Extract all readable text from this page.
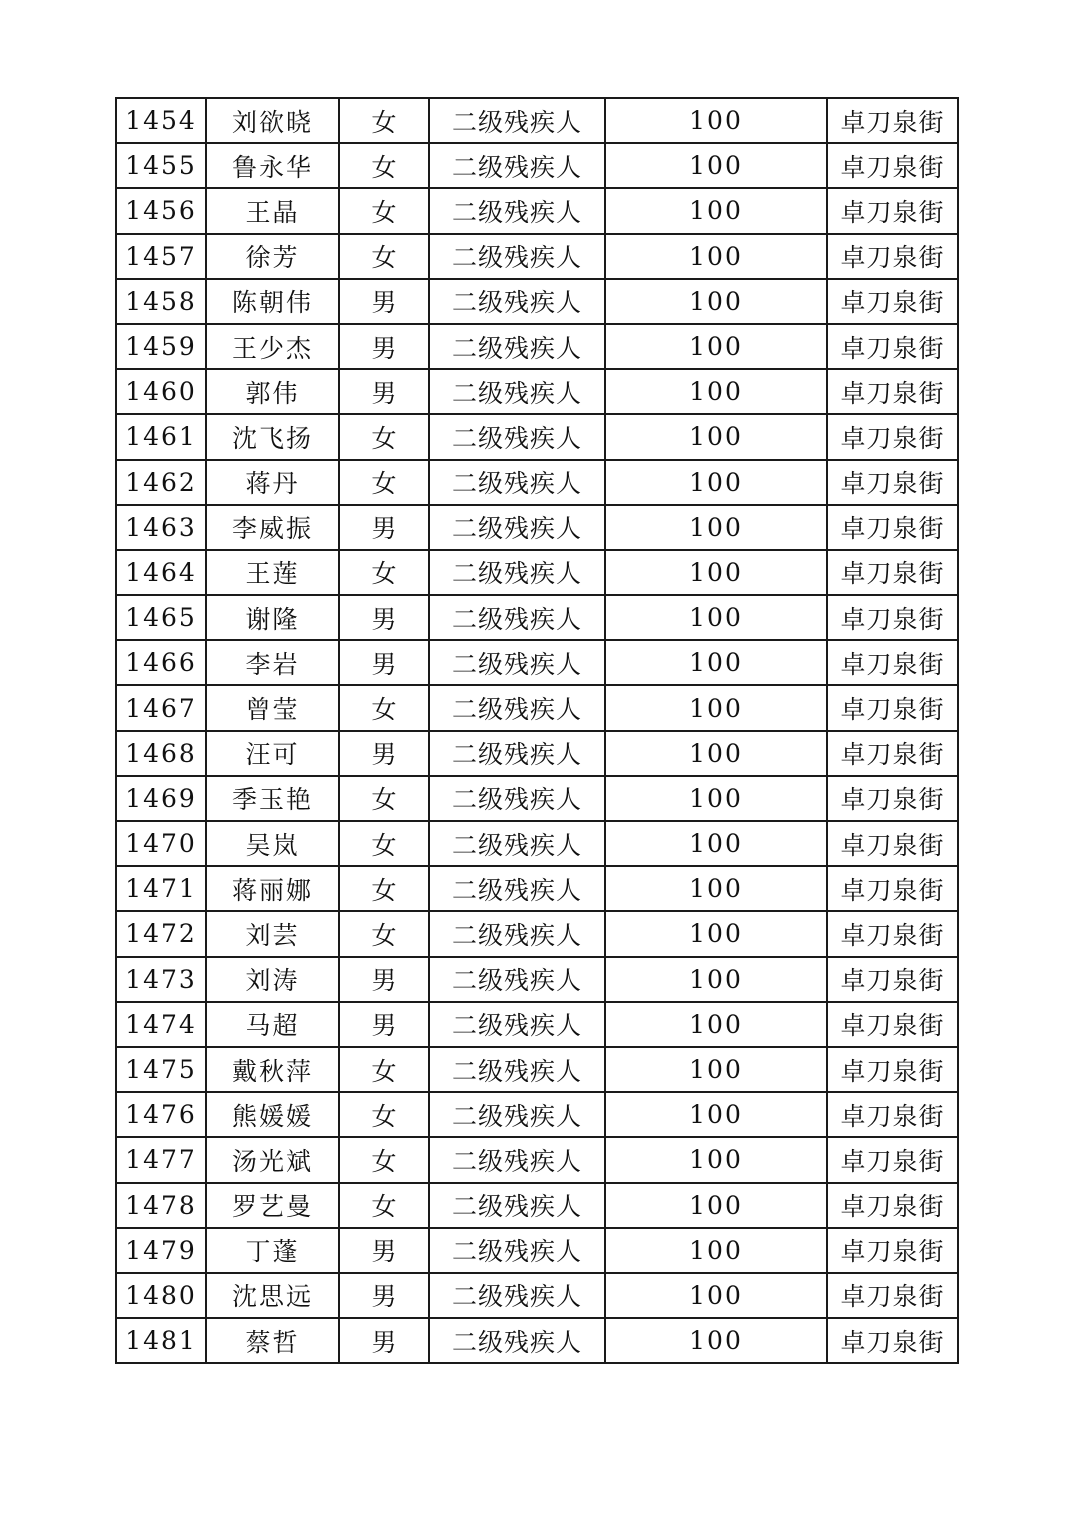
1454	刘欲晓	女	二级残疾人	100	卓刀泉街
1455	鲁永华	女	二级残疾人	100	卓刀泉街
1456	王晶	女	二级残疾人	100	卓刀泉街
1457	徐芳	女	二级残疾人	100	卓刀泉街
1458	陈朝伟	男	二级残疾人	100	卓刀泉街
1459	王少杰	男	二级残疾人	100	卓刀泉街
1460	郭伟	男	二级残疾人	100	卓刀泉街
1461	沈飞扬	女	二级残疾人	100	卓刀泉街
1462	蒋丹	女	二级残疾人	100	卓刀泉街
1463	李威振	男	二级残疾人	100	卓刀泉街
1464	王莲	女	二级残疾人	100	卓刀泉街
1465	谢隆	男	二级残疾人	100	卓刀泉街
1466	李岩	男	二级残疾人	100	卓刀泉街
1467	曾莹	女	二级残疾人	100	卓刀泉街
1468	汪可	男	二级残疾人	100	卓刀泉街
1469	季玉艳	女	二级残疾人	100	卓刀泉街
1470	吴岚	女	二级残疾人	100	卓刀泉街
1471	蒋丽娜	女	二级残疾人	100	卓刀泉街
1472	刘芸	女	二级残疾人	100	卓刀泉街
1473	刘涛	男	二级残疾人	100	卓刀泉街
1474	马超	男	二级残疾人	100	卓刀泉街
1475	戴秋萍	女	二级残疾人	100	卓刀泉街
1476	熊媛媛	女	二级残疾人	100	卓刀泉街
1477	汤光斌	女	二级残疾人	100	卓刀泉街
1478	罗艺曼	女	二级残疾人	100	卓刀泉街
1479	丁蓬	男	二级残疾人	100	卓刀泉街
1480	沈思远	男	二级残疾人	100	卓刀泉街
1481	蔡哲	男	二级残疾人	100	卓刀泉街
